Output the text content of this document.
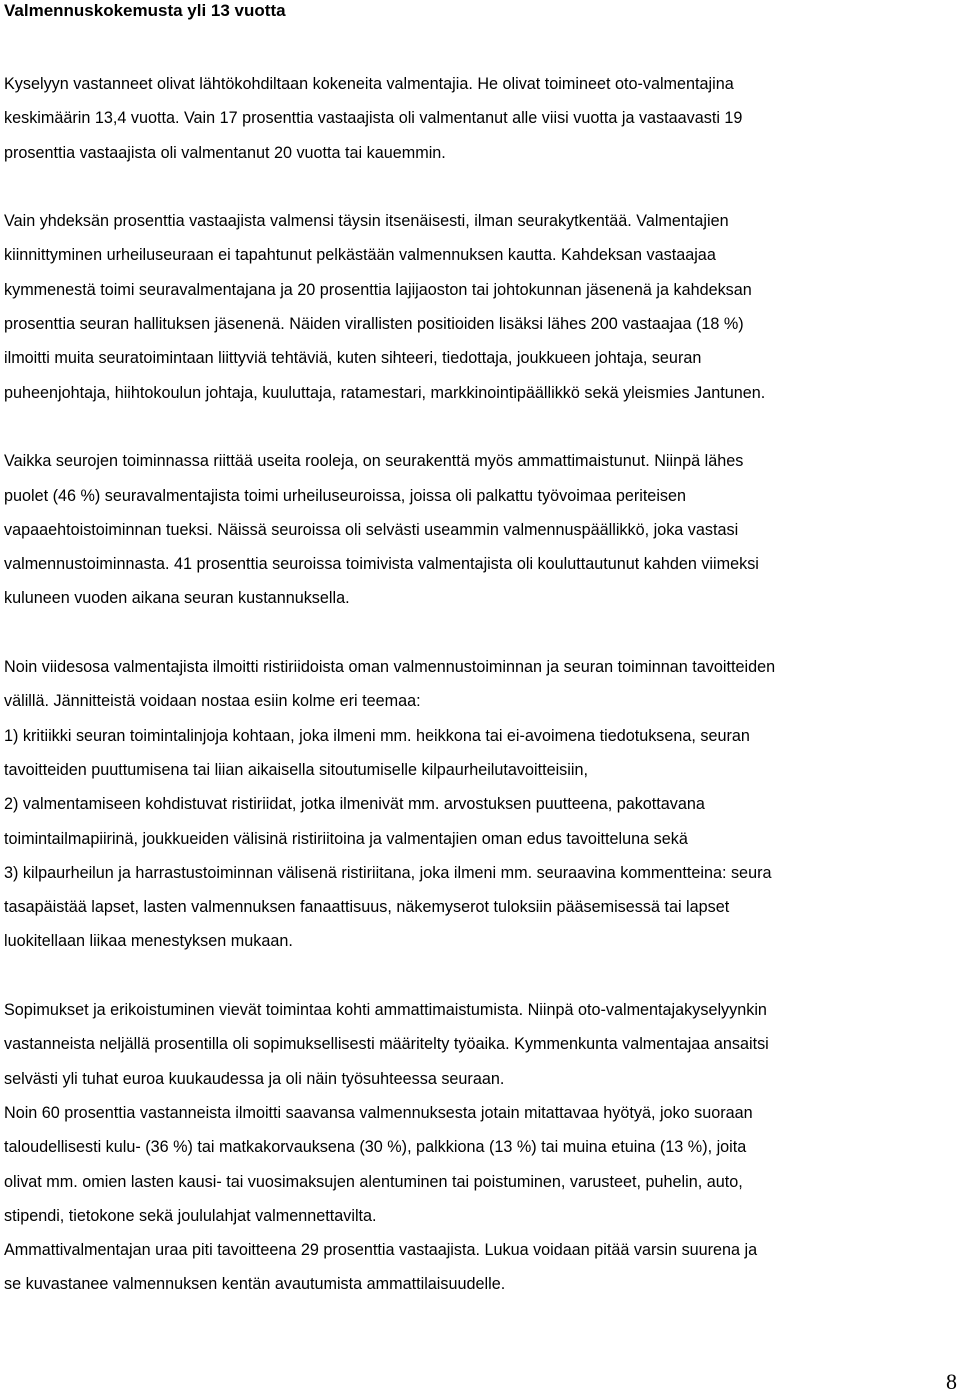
Valmennuskokemusta yli 13 vuotta
Kyselyyn vastanneet olivat lähtökohdiltaan kokeneita valmentajia. He olivat toimineet oto-valmentajina
keskimäärin 13,4 vuotta. Vain 17 prosenttia vastaajista oli valmentanut alle viisi vuotta ja vastaavasti 19
prosenttia vastaajista oli valmentanut 20 vuotta tai kauemmin.
Vain yhdeksän prosenttia vastaajista valmensi täysin itsenäisesti, ilman seurakytkentää. Valmentajien
kiinnittyminen urheiluseuraan ei tapahtunut pelkästään valmennuksen kautta. Kahdeksan vastaajaa
kymmenestä toimi seuravalmentajana ja 20 prosenttia lajijaoston tai johtokunnan jäsenenä ja kahdeksan
prosenttia seuran hallituksen jäsenenä. Näiden virallisten positioiden lisäksi lähes 200 vastaajaa (18 %)
ilmoitti muita seuratoimintaan liittyviä tehtäviä, kuten sihteeri, tiedottaja, joukkueen johtaja, seuran
puheenjohtaja, hiihtokoulun johtaja, kuuluttaja, ratamestari, markkinointipäällikkö sekä yleismies Jantunen.
Vaikka seurojen toiminnassa riittää useita rooleja, on seurakenttä myös ammattimaistunut. Niinpä lähes
puolet (46 %) seuravalmentajista toimi urheiluseuroissa, joissa oli palkattu työvoimaa periteisen
vapaaehtoistoiminnan tueksi. Näissä seuroissa oli selvästi useammin valmennuspäällikkö, joka vastasi
valmennustoiminnasta. 41 prosenttia seuroissa toimivista valmentajista oli kouluttautunut kahden viimeksi
kuluneen vuoden aikana seuran kustannuksella.
Noin viidesosa valmentajista ilmoitti ristiriidoista oman valmennustoiminnan ja seuran toiminnan tavoitteiden
välillä. Jännitteistä voidaan nostaa esiin kolme eri teemaa:
1) kritiikki seuran toimintalinjoja kohtaan, joka ilmeni mm. heikkona tai ei-avoimena tiedotuksena, seuran
tavoitteiden puuttumisena tai liian aikaisella sitoutumiselle kilpaurheilutavoitteisiin,
2) valmentamiseen kohdistuvat ristiriidat, jotka ilmenivät mm. arvostuksen puutteena, pakottavana
toimintailmapiirinä, joukkueiden välisinä ristiriitoina ja valmentajien oman edus tavoitteluna sekä
3) kilpaurheilun ja harrastustoiminnan välisenä ristiriitana, joka ilmeni mm. seuraavina kommentteina: seura
tasapäistää lapset, lasten valmennuksen fanaattisuus, näkemyserot tuloksiin pääsemisessä tai lapset
luokitellaan liikaa menestyksen mukaan.
Sopimukset ja erikoistuminen vievät toimintaa kohti ammattimaistumista. Niinpä oto-valmentajakyselyynkin
vastanneista neljällä prosentilla oli sopimuksellisesti määritelty työaika. Kymmenkunta valmentajaa ansaitsi
selvästi yli tuhat euroa kuukaudessa ja oli näin työsuhteessa seuraan.
Noin 60 prosenttia vastanneista ilmoitti saavansa valmennuksesta jotain mitattavaa hyötyä, joko suoraan
taloudellisesti kulu- (36 %) tai matkakorvauksena (30 %), palkkiona (13 %) tai muina etuina (13 %), joita
olivat mm. omien lasten kausi- tai vuosimaksujen alentuminen tai poistuminen, varusteet, puhelin, auto,
stipendi, tietokone sekä joululahjat valmennettavilta.
Ammattivalmentajan uraa piti tavoitteena 29 prosenttia vastaajista. Lukua voidaan pitää varsin suurena ja
se kuvastanee valmennuksen kentän avautumista ammattilaisuudelle.
8
